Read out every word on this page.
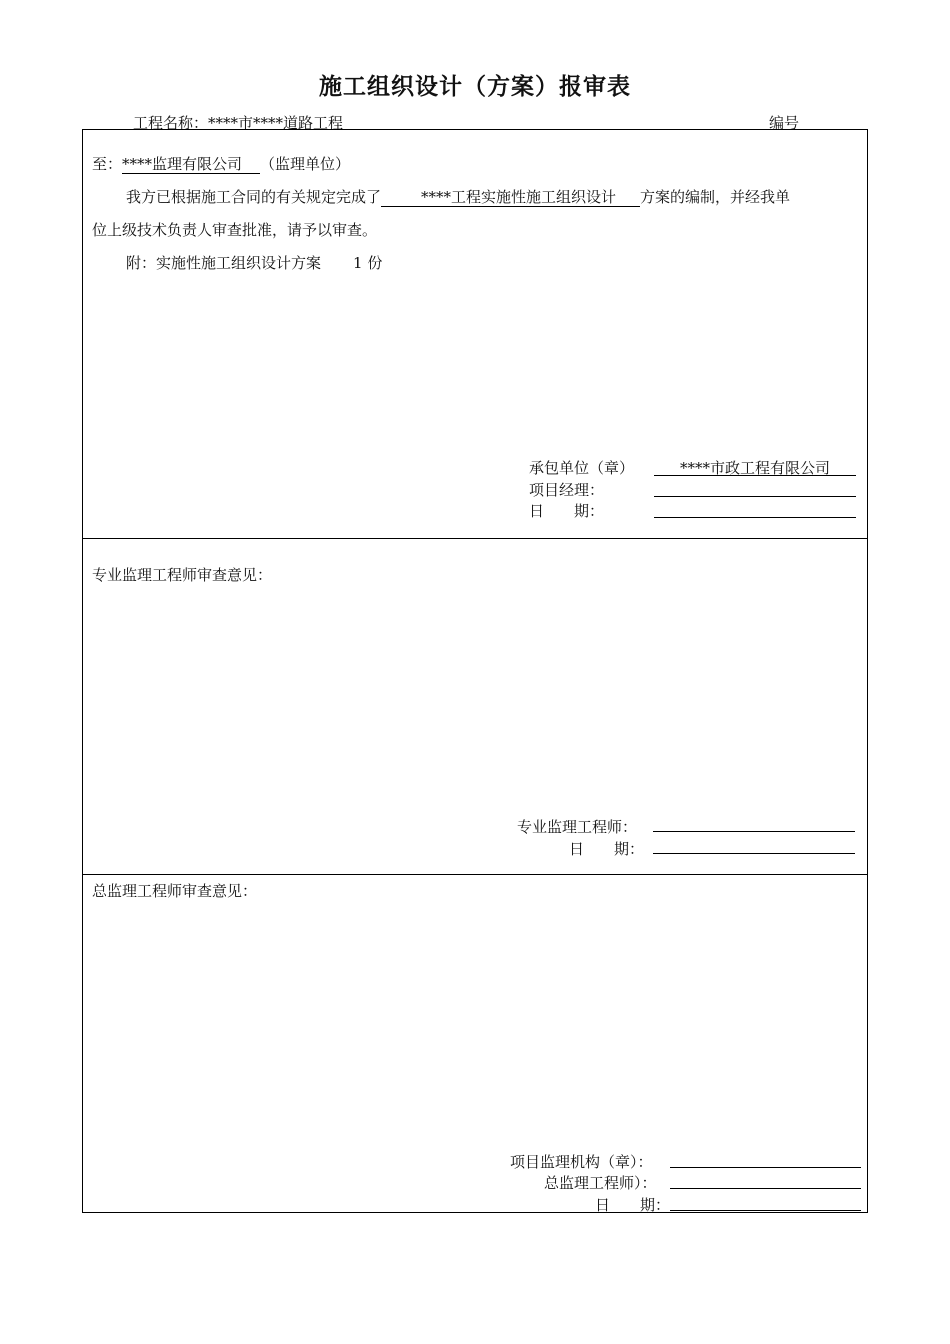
施工组织设计（方案）报审表
工程名称：****市****道路工程	编号
至：****监理有限公司 （监理单位）
我方已根据施工合同的有关规定完成了	****工程实施性施工组织设计 方案的编制，并经我单
位上级技术负责人审查批准，请予以审查。
附：实施性施工组织设计方案 1 份
承包单位（章）	****市政工程有限公司
项目经理：
日　　期：
专业监理工程师审查意见：
专业监理工程师：
日　　期：
总监理工程师审查意见：
项目监理机构（章）：
总监理工程师）：
日　　期：
